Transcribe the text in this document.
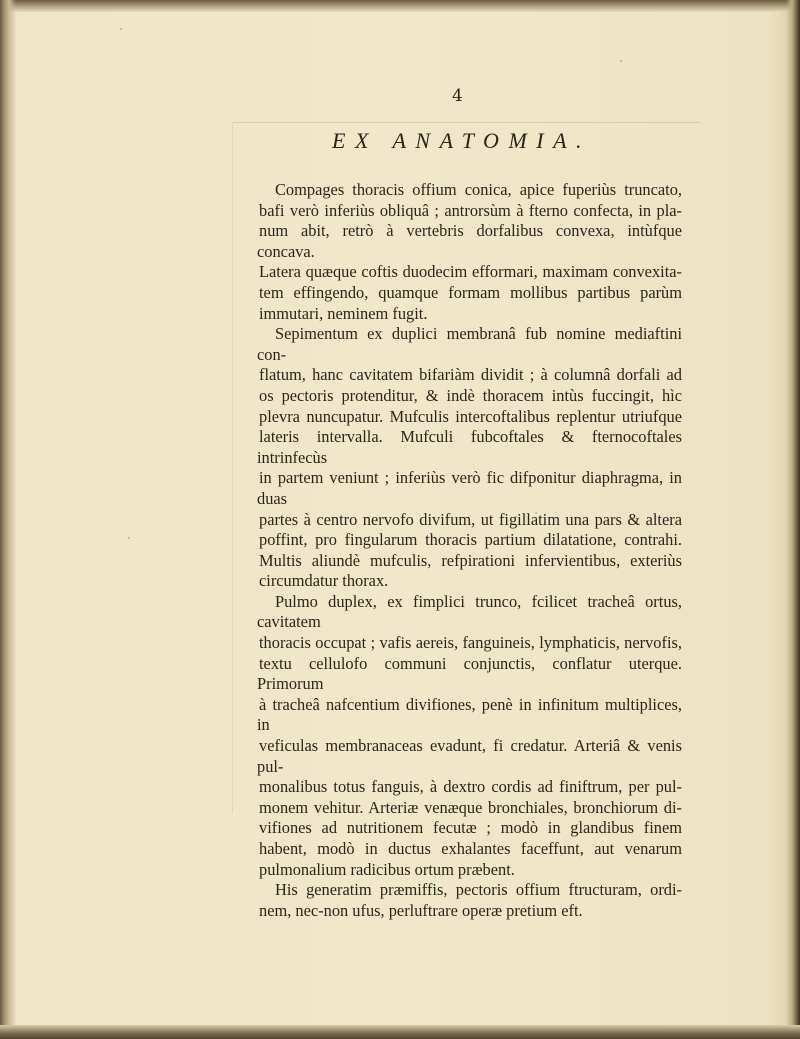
4
EX ANATOMIA.
Compages thoracis offium conica, apice fuperiùs truncato,
bafi verò inferiùs obliquâ ; antrorsùm à fterno confecta, in pla-
num abit, retrò à vertebris dorfalibus convexa, intùfque concava.
Latera quæque coftis duodecim efformari, maximam convexita-
tem effingendo, quamque formam mollibus partibus parùm
immutari, neminem fugit.
Sepimentum ex duplici membranâ fub nomine mediaftini con-
flatum, hanc cavitatem bifariàm dividit ; à columnâ dorfali ad
os pectoris protenditur, & indè thoracem intùs fuccingit, hìc
plevra nuncupatur. Mufculis intercoftalibus replentur utriufque
lateris intervalla. Mufculi fubcoftales & fternocoftales intrinfecùs
in partem veniunt ; inferiùs verò fic difponitur diaphragma, in duas
partes à centro nervofo divifum, ut figillatim una pars & altera
poffint, pro fingularum thoracis partium dilatatione, contrahi.
Multis aliundè mufculis, refpirationi infervientibus, exteriùs
circumdatur thorax.
Pulmo duplex, ex fimplici trunco, fcilicet tracheâ ortus, cavitatem
thoracis occupat ; vafis aereis, fanguineis, lymphaticis, nervofis,
textu cellulofo communi conjunctis, conflatur uterque. Primorum
à tracheâ nafcentium divifiones, penè in infinitum multiplices, in
veficulas membranaceas evadunt, fi credatur. Arteriâ & venis pul-
monalibus totus fanguis, à dextro cordis ad finiftrum, per pul-
monem vehitur. Arteriæ venæque bronchiales, bronchiorum di-
vifiones ad nutritionem fecutæ ; modò in glandibus finem
habent, modò in ductus exhalantes faceffunt, aut venarum
pulmonalium radicibus ortum præbent.
His generatim præmiffis, pectoris offium ftructuram, ordi-
nem, nec-non ufus, perluftrare operæ pretium eft.
